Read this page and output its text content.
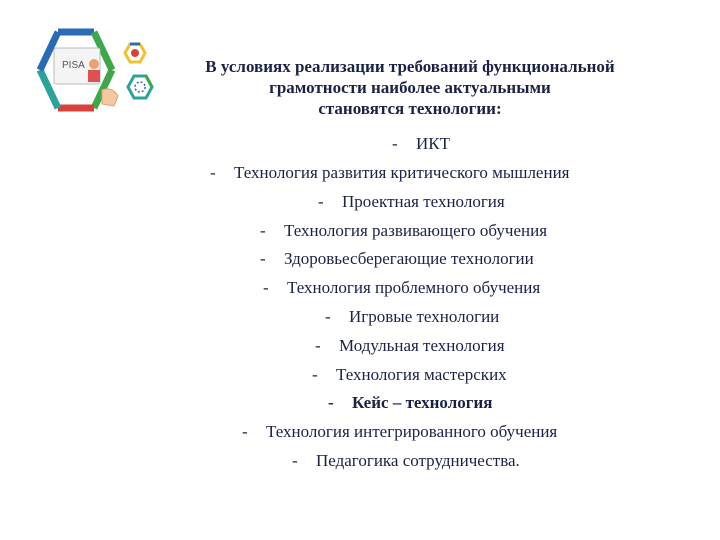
PISA	В условиях реализации требований функциональной
грамотности наиболее актуальными
становятся технологии:
- ИКТ
- Технология развития критического мышления
- Проектная технология
- Технология развивающего обучения
- Здоровьесберегающие технологии
- Технология проблемного обучения
- Игровые технологии
- Модульная технология
- Технология мастерских
- Кейс – технология
- Технология интегрированного обучения
- Педагогика сотрудничества.
